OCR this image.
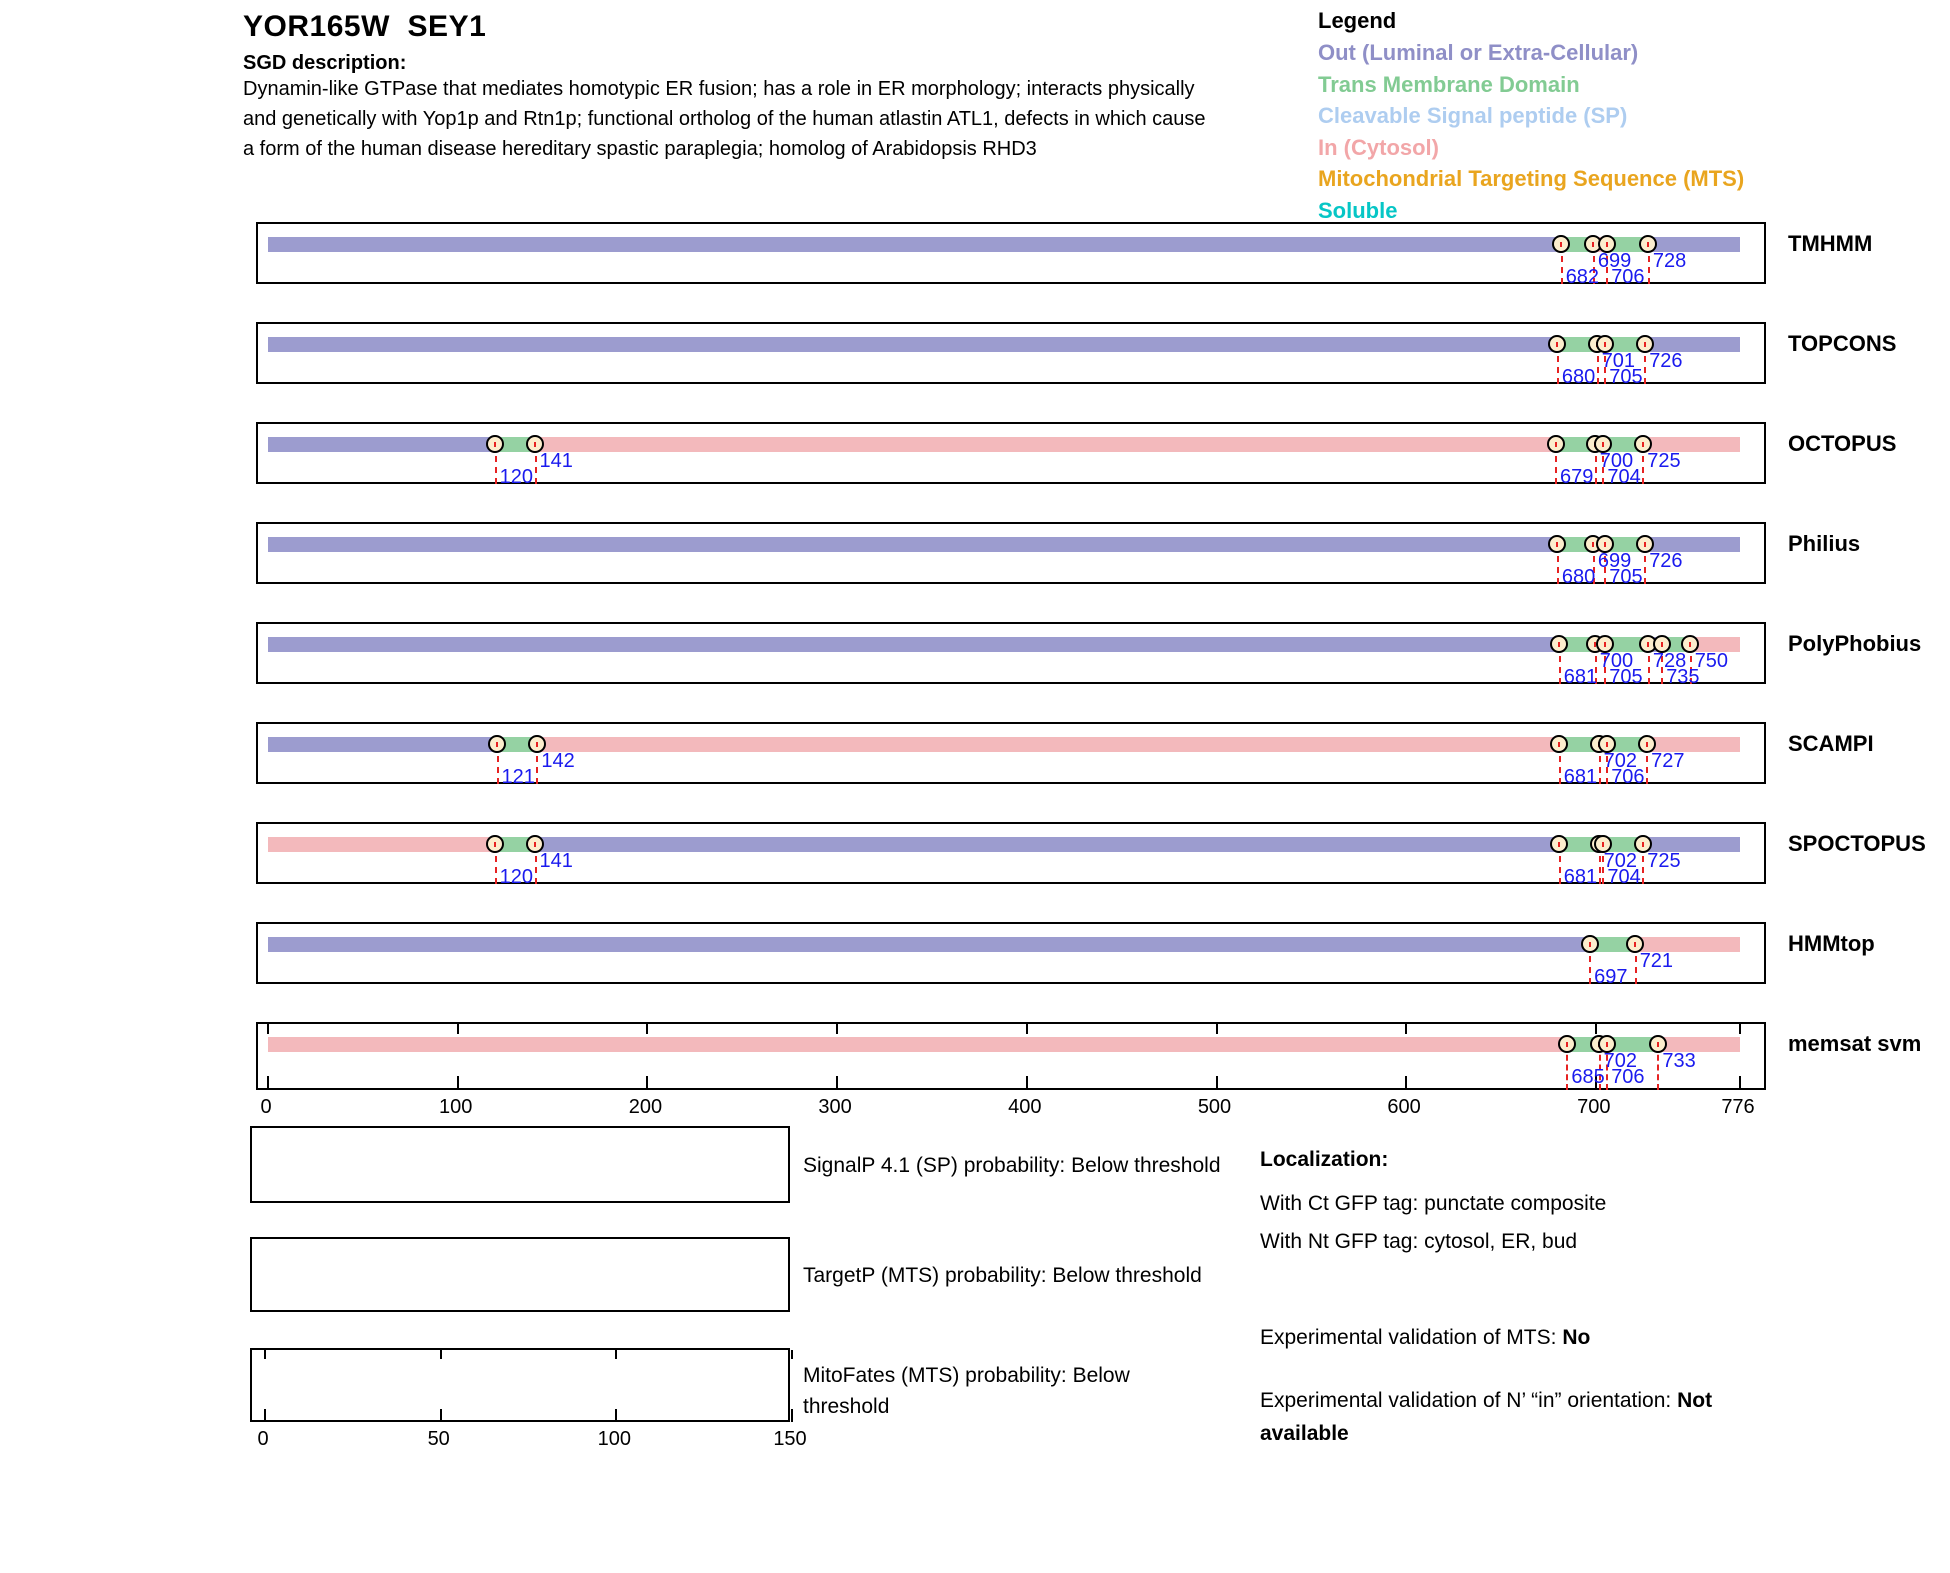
YOR165W  SEY1
SGD description:
Dynamin-like GTPase that mediates homotypic ER fusion; has a role in ER morphology; interacts physically
and genetically with Yop1p and Rtn1p; functional ortholog of the human atlastin ATL1, defects in which cause
a form of the human disease hereditary spastic paraplegia; homolog of Arabidopsis RHD3
Legend
Out (Luminal or Extra-Cellular)
Trans Membrane Domain
Cleavable Signal peptide (SP)
In (Cytosol)
Mitochondrial Targeting Sequence (MTS)
Soluble
682
699
706
728
TMHMM
680
701
705
726
TOPCONS
120
141
679
700
704
725
OCTOPUS
680
699
705
726
Philius
681
700
705
728
735
750
PolyPhobius
121
142
681
702
706
727
SCAMPI
120
141
681
702
704
725
SPOCTOPUS
697
721
HMMtop
685
702
706
733
memsat svm
0	100	200	300	400	500	600	700	776
0	50	100	150
SignalP 4.1 (SP) probability: Below threshold
TargetP (MTS) probability: Below threshold
MitoFates (MTS) probability: Below threshold
Localization:
With Ct GFP tag: punctate composite
With Nt GFP tag: cytosol, ER, bud
Experimental validation of MTS: No
Experimental validation of N’ “in” orientation: Not available
